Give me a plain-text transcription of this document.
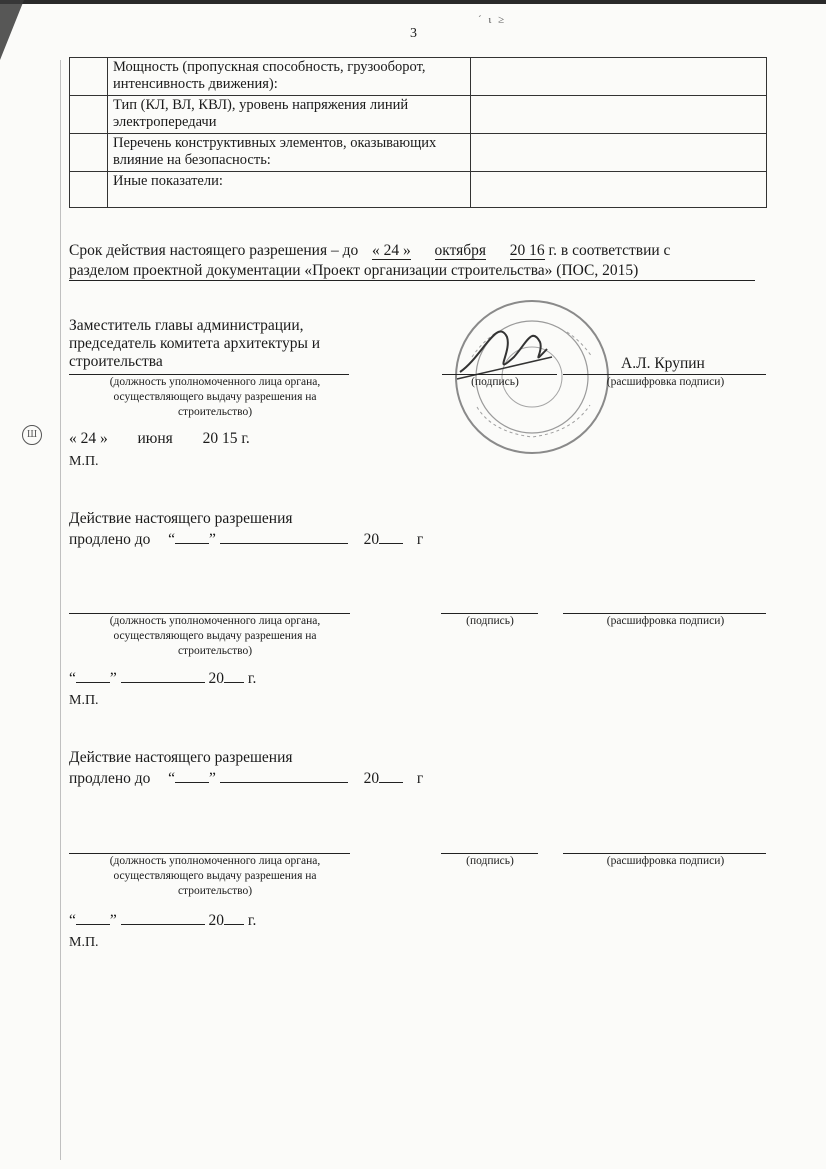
ˊ ι ≥
Ш
3
	Мощность (пропускная способность, грузооборот, интенсивность движения):	
	Тип (КЛ, ВЛ, КВЛ), уровень напряжения линий электропередачи	
	Перечень конструктивных элементов, оказывающих влияние на безопасность:	
	Иные показатели:	
Срок действия настоящего разрешения – до « 24 » октября 20 16 г. в соответствии с
разделом проектной документации «Проект организации строительства» (ПОС, 2015)
Заместитель главы администрации, председатель комитета архитектуры и строительства
(должность уполномоченного лица органа, осуществляющего выдачу разрешения на строительство)
(подпись)
А.Л. Крупин
(расшифровка подписи)
« 24 » июня 20 15 г.
М.П.
Действие настоящего разрешения
продлено до “ ”	20 г
(должность уполномоченного лица органа, осуществляющего выдачу разрешения на строительство)
(подпись)	(расшифровка подписи)
“ ”	20 г.
М.П.
Действие настоящего разрешения
продлено до “ ”	20 г
(должность уполномоченного лица органа, осуществляющего выдачу разрешения на строительство)
(подпись)	(расшифровка подписи)
“ ”	20 г.
М.П.
